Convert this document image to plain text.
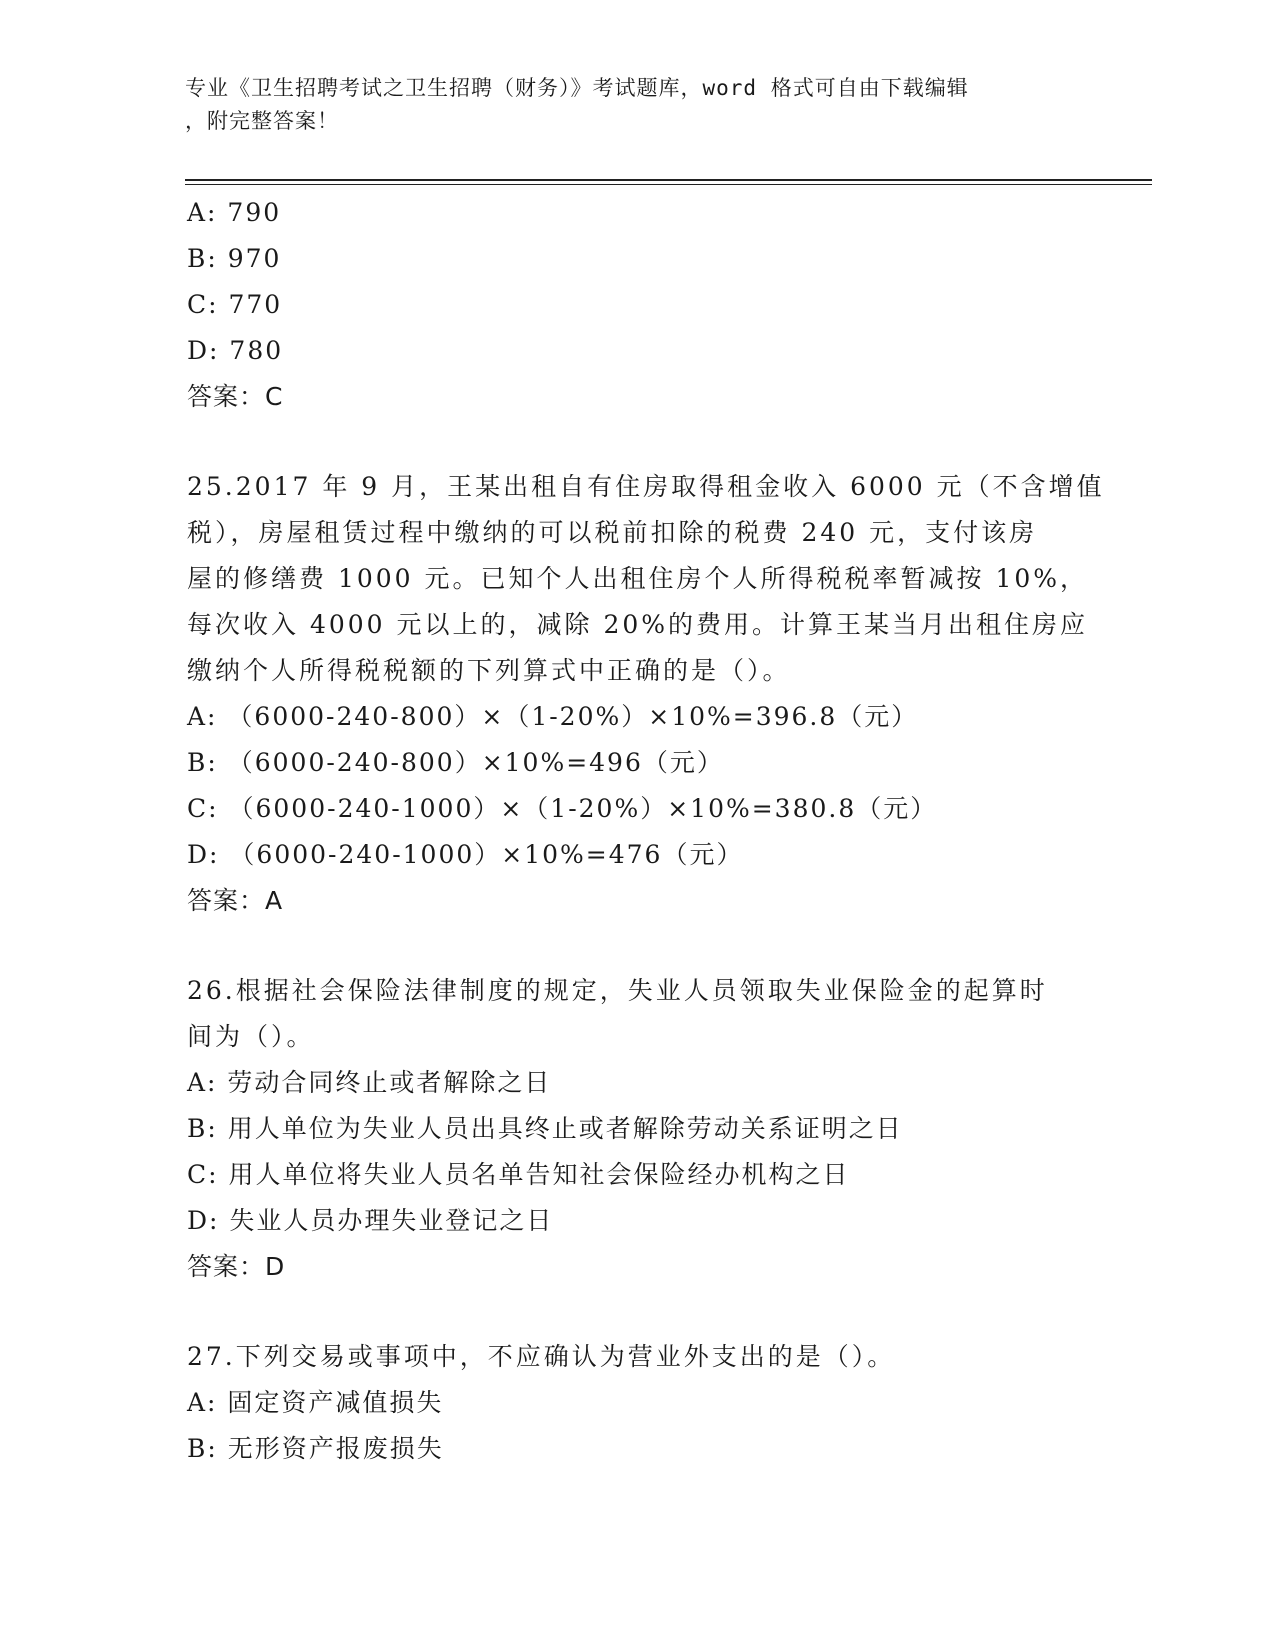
专业《卫生招聘考试之卫生招聘（财务）》考试题库，word 格式可自由下载编辑
，附完整答案！
A: 790
B: 970
C: 770
D: 780
答案：C
25.2017 年 9 月，王某出租自有住房取得租金收入 6000 元（不含增值
税），房屋租赁过程中缴纳的可以税前扣除的税费 240 元，支付该房
屋的修缮费 1000 元。已知个人出租住房个人所得税税率暂减按 10%，
每次收入 4000 元以上的，减除 20%的费用。计算王某当月出租住房应
缴纳个人所得税税额的下列算式中正确的是（）。
A: （6000-240-800）×（1-20%）×10%=396.8（元）
B: （6000-240-800）×10%=496（元）
C: （6000-240-1000）×（1-20%）×10%=380.8（元）
D: （6000-240-1000）×10%=476（元）
答案：A
26.根据社会保险法律制度的规定，失业人员领取失业保险金的起算时
间为（）。
A: 劳动合同终止或者解除之日
B: 用人单位为失业人员出具终止或者解除劳动关系证明之日
C: 用人单位将失业人员名单告知社会保险经办机构之日
D: 失业人员办理失业登记之日
答案：D
27.下列交易或事项中，不应确认为营业外支出的是（）。
A: 固定资产减值损失
B: 无形资产报废损失
